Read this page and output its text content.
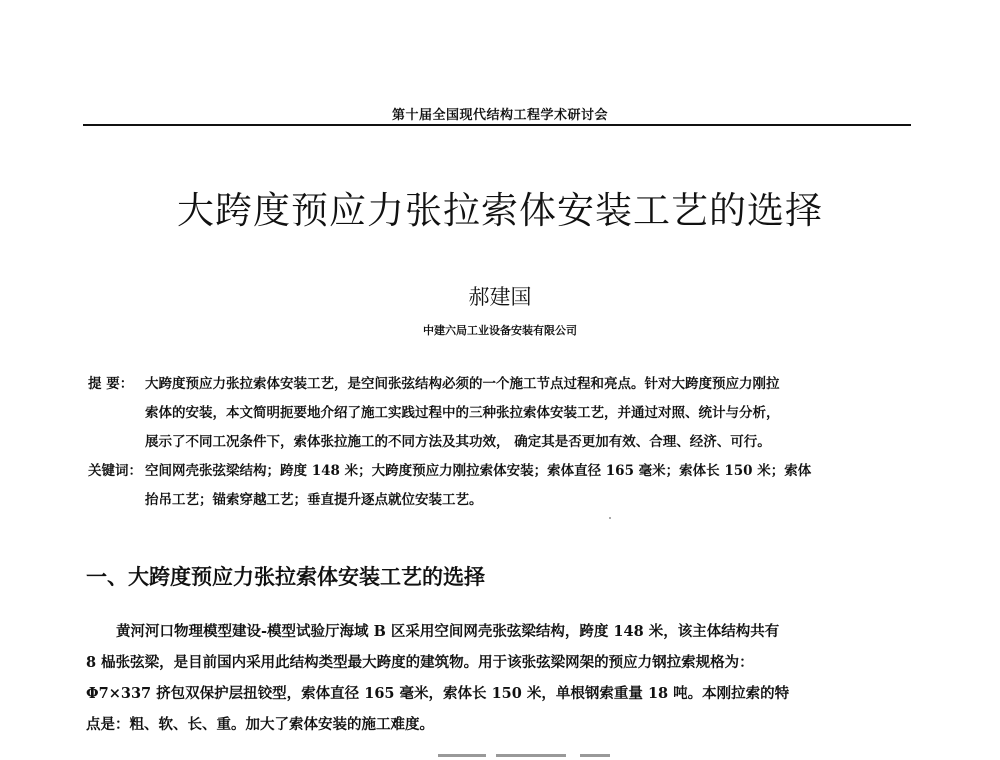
第十届全国现代结构工程学术研讨会
大跨度预应力张拉索体安装工艺的选择
郝建国
中建六局工业设备安装有限公司
提 要： 大跨度预应力张拉索体安装工艺，是空间张弦结构必须的一个施工节点过程和亮点。针对大跨度预应力刚拉
索体的安装，本文简明扼要地介绍了施工实践过程中的三种张拉索体安装工艺，并通过对照、统计与分析，
展示了不同工况条件下，索体张拉施工的不同方法及其功效， 确定其是否更加有效、合理、经济、可行。
关键词： 空间网壳张弦梁结构；跨度 148 米；大跨度预应力刚拉索体安装；索体直径 165 毫米；索体长 150 米；索体
抬吊工艺；锚索穿越工艺；垂直提升逐点就位安装工艺。
一、大跨度预应力张拉索体安装工艺的选择
黄河河口物理模型建设-模型试验厅海域 B 区采用空间网壳张弦梁结构，跨度 148 米，该主体结构共有
8 榀张弦梁，是目前国内采用此结构类型最大跨度的建筑物。用于该张弦梁网架的预应力钢拉索规格为：
Φ7×337 挤包双保护层扭铰型，索体直径 165 毫米，索体长 150 米，单根钢索重量 18 吨。本刚拉索的特
点是：粗、软、长、重。加大了索体安装的施工难度。
